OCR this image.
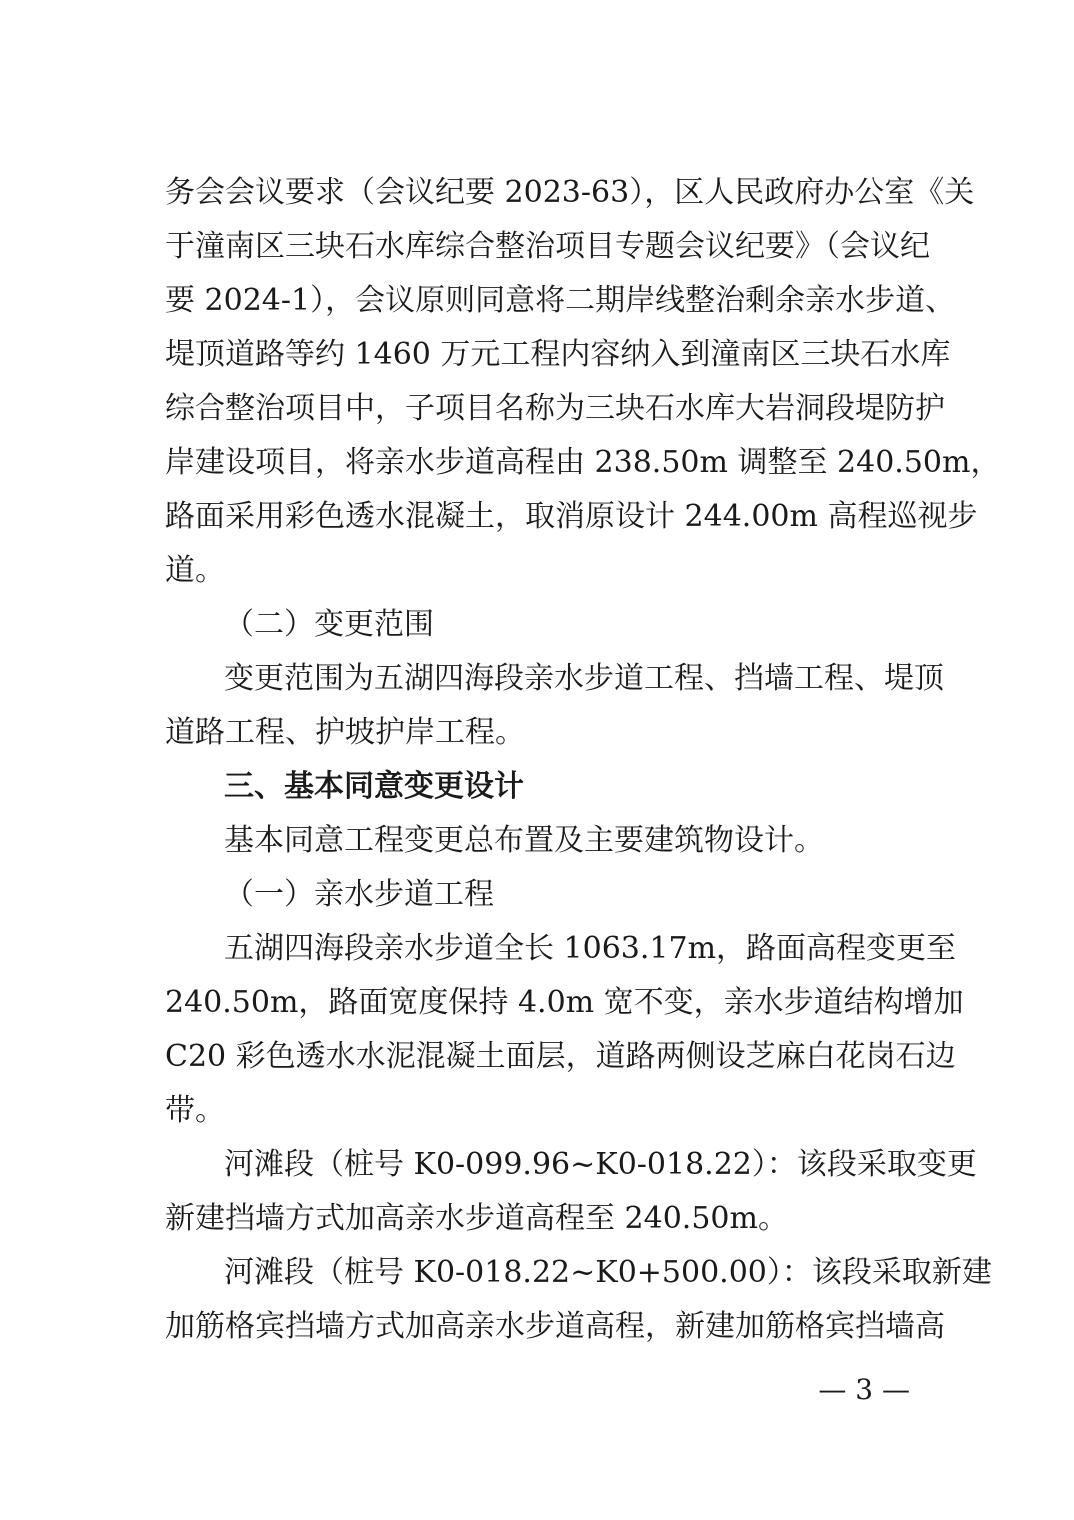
务会会议要求（会议纪要 2023-63），区人民政府办公室《关
于潼南区三块石水库综合整治项目专题会议纪要》（会议纪
要 2024-1），会议原则同意将二期岸线整治剩余亲水步道、
堤顶道路等约 1460 万元工程内容纳入到潼南区三块石水库
综合整治项目中，子项目名称为三块石水库大岩洞段堤防护
岸建设项目，将亲水步道高程由 238.50m 调整至 240.50m，
路面采用彩色透水混凝土，取消原设计 244.00m 高程巡视步
道。
（二）变更范围
变更范围为五湖四海段亲水步道工程、挡墙工程、堤顶
道路工程、护坡护岸工程。
三、基本同意变更设计
基本同意工程变更总布置及主要建筑物设计。
（一）亲水步道工程
五湖四海段亲水步道全长 1063.17m，路面高程变更至
240.50m，路面宽度保持 4.0m 宽不变，亲水步道结构增加
C20 彩色透水水泥混凝土面层，道路两侧设芝麻白花岗石边
带。
河滩段（桩号 K0-099.96~K0-018.22）：该段采取变更
新建挡墙方式加高亲水步道高程至 240.50m。
河滩段（桩号 K0-018.22~K0+500.00）：该段采取新建
加筋格宾挡墙方式加高亲水步道高程，新建加筋格宾挡墙高
— 3 —
